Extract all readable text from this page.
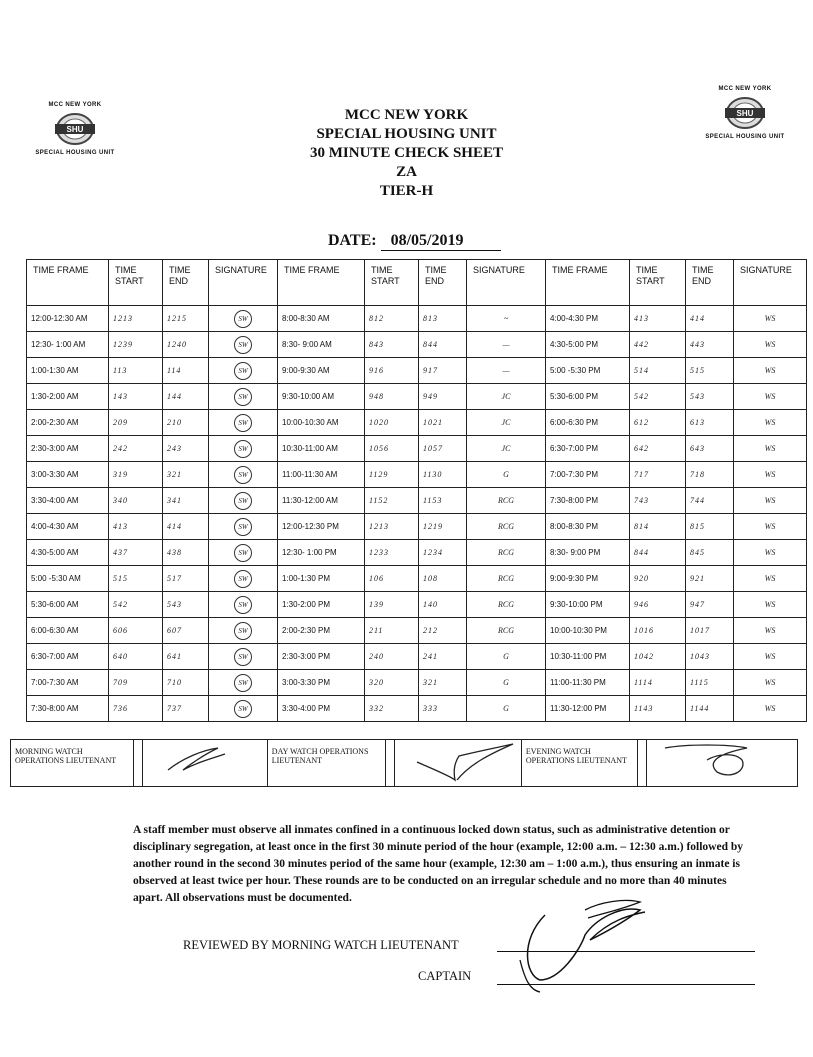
MCC NEW YORK
SHU
SPECIAL HOUSING UNIT
MCC NEW YORK
SHU
SPECIAL HOUSING UNIT
MCC NEW YORK
SPECIAL HOUSING UNIT
30 MINUTE CHECK SHEET
ZA
TIER-H
DATE: 08/05/2019
TIME FRAME	TIME START	TIME END	SIGNATURE	TIME FRAME	TIME START	TIME END	SIGNATURE	TIME FRAME	TIME START	TIME END	SIGNATURE
12:00-12:30 AM	1213	1215	SW	8:00-8:30 AM	812	813	~	4:00-4:30 PM	413	414	WS
12:30- 1:00 AM	1239	1240	SW	8:30- 9:00 AM	843	844	—	4:30-5:00 PM	442	443	WS
1:00-1:30 AM	113	114	SW	9:00-9:30 AM	916	917	—	5:00 -5:30 PM	514	515	WS
1:30-2:00 AM	143	144	SW	9:30-10:00 AM	948	949	JC	5:30-6:00 PM	542	543	WS
2:00-2:30 AM	209	210	SW	10:00-10:30 AM	1020	1021	JC	6:00-6:30 PM	612	613	WS
2:30-3:00 AM	242	243	SW	10:30-11:00 AM	1056	1057	JC	6:30-7:00 PM	642	643	WS
3:00-3:30 AM	319	321	SW	11:00-11:30 AM	1129	1130	G	7:00-7:30 PM	717	718	WS
3:30-4:00 AM	340	341	SW	11:30-12:00 AM	1152	1153	RCG	7:30-8:00 PM	743	744	WS
4:00-4:30 AM	413	414	SW	12:00-12:30 PM	1213	1219	RCG	8:00-8:30 PM	814	815	WS
4:30-5:00 AM	437	438	SW	12:30- 1:00 PM	1233	1234	RCG	8:30- 9:00 PM	844	845	WS
5:00 -5:30 AM	515	517	SW	1:00-1:30 PM	106	108	RCG	9:00-9:30 PM	920	921	WS
5:30-6:00 AM	542	543	SW	1:30-2:00 PM	139	140	RCG	9:30-10:00 PM	946	947	WS
6:00-6:30 AM	606	607	SW	2:00-2:30 PM	211	212	RCG	10:00-10:30 PM	1016	1017	WS
6:30-7:00 AM	640	641	SW	2:30-3:00 PM	240	241	G	10:30-11:00 PM	1042	1043	WS
7:00-7:30 AM	709	710	SW	3:00-3:30 PM	320	321	G	11:00-11:30 PM	1114	1115	WS
7:30-8:00 AM	736	737	SW	3:30-4:00 PM	332	333	G	11:30-12:00 PM	1143	1144	WS
MORNING WATCH OPERATIONS LIEUTENANT
DAY WATCH OPERATIONS LIEUTENANT
EVENING WATCH OPERATIONS LIEUTENANT
A staff member must observe all inmates confined in a continuous locked down status, such as administrative detention or disciplinary segregation, at least once in the first 30 minute period of the hour (example, 12:00 a.m. – 12:30 a.m.) followed by another round in the second 30 minutes period of the same hour (example, 12:30 am – 1:00 a.m.), thus ensuring an inmate is observed at least twice per hour. These rounds are to be conducted on an irregular schedule and no more than 40 minutes apart. All observations must be documented.
REVIEWED BY MORNING WATCH LIEUTENANT
CAPTAIN
